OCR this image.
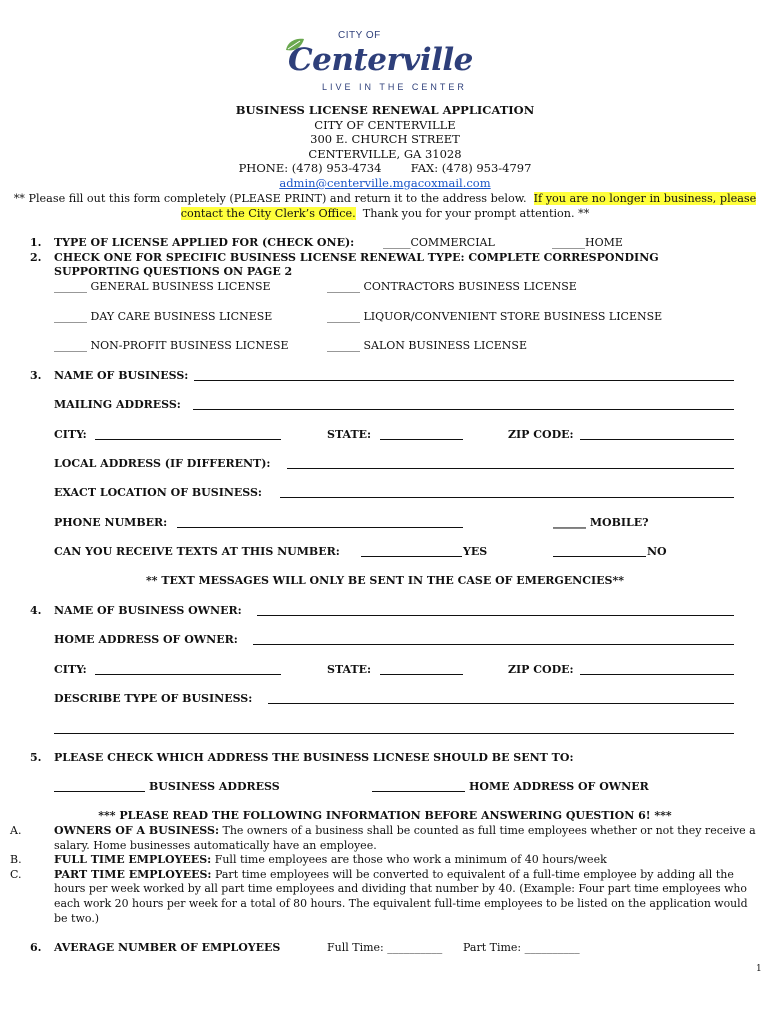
CITY OF
Centerville
LIVE IN THE CENTER
BUSINESS LICENSE RENEWAL APPLICATION
CITY OF CENTERVILLE
300 E. CHURCH STREET
CENTERVILLE, GA 31028
PHONE: (478) 953-4734	FAX: (478) 953-4797
admin@centerville.mgacoxmail.com
** Please fill out this form completely (PLEASE PRINT) and return it to the address below. If you are no longer in business, please
contact the City Clerk’s Office. Thank you for your prompt attention. **
1. TYPE OF LICENSE APPLIED FOR (CHECK ONE):	_____COMMERCIAL	______HOME
2. CHECK ONE FOR SPECIFIC BUSINESS LICENSE RENEWAL TYPE: COMPLETE CORRESPONDING
SUPPORTING QUESTIONS ON PAGE 2
______ GENERAL BUSINESS LICENSE	______ CONTRACTORS BUSINESS LICENSE
______ DAY CARE BUSINESS LICNESE	______ LIQUOR/CONVENIENT STORE BUSINESS LICENSE
______ NON-PROFIT BUSINESS LICNESE	______ SALON BUSINESS LICENSE
3. NAME OF BUSINESS:
MAILING ADDRESS:
CITY:	STATE:	ZIP CODE:
LOCAL ADDRESS (IF DIFFERENT):
EXACT LOCATION OF BUSINESS:
PHONE NUMBER:	______ MOBILE?
CAN YOU RECEIVE TEXTS AT THIS NUMBER:	YES	NO
** TEXT MESSAGES WILL ONLY BE SENT IN THE CASE OF EMERGENCIES**
4. NAME OF BUSINESS OWNER:
HOME ADDRESS OF OWNER:
CITY:	STATE:	ZIP CODE:
DESCRIBE TYPE OF BUSINESS:
5. PLEASE CHECK WHICH ADDRESS THE BUSINESS LICNESE SHOULD BE SENT TO:
BUSINESS ADDRESS	HOME ADDRESS OF OWNER
*** PLEASE READ THE FOLLOWING INFORMATION BEFORE ANSWERING QUESTION 6! ***
A.	OWNERS OF A BUSINESS: The owners of a business shall be counted as full time employees whether or not they receive a
salary. Home businesses automatically have an employee.
B.	FULL TIME EMPLOYEES: Full time employees are those who work a minimum of 40 hours/week
C.	PART TIME EMPLOYEES: Part time employees will be converted to equivalent of a full-time employee by adding all the
hours per week worked by all part time employees and dividing that number by 40. (Example: Four part time employees who
each work 20 hours per week for a total of 80 hours. The equivalent full-time employees to be listed on the application would
be two.)
6. AVERAGE NUMBER OF EMPLOYEES	Full Time: __________ Part Time: __________
1
